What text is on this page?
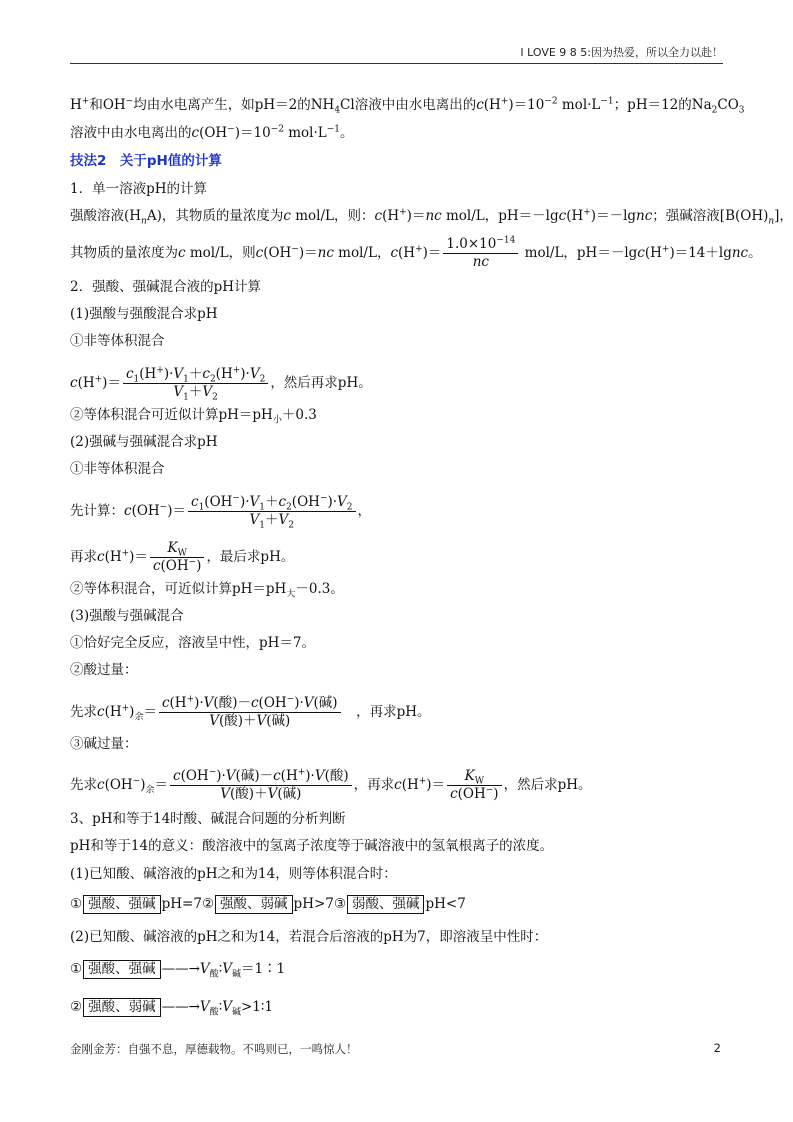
I LOVE 9 8 5:因为热爱，所以全力以赴！
H+和OH−均由水电离产生，如pH＝2的$NH_4Cl$溶液中由水电离出的$c(H^+)=10^{-2}$ $mol\cdot L^{-1}$；pH＝12的$Na_2CO_3$
溶液中由水电离出的$c(OH^-)=10^{-2}$ $mol\cdot L^{-1}$。
技法2　关于pH值的计算
1．单一溶液pH的计算
强酸溶液$(H_nA)$，其物质的量浓度为c mol/L，则：c(H+)＝nc mol/L，pH＝－lgc(H+)＝－lgnc；强碱溶液$[B(OH)_n]$，
其物质的量浓度为c mol/L，则c(OH−)＝nc mol/L，$c(H^+)= \frac{1.0\times 10^{-14}}{nc} mol/L$，pH＝－lgc(H+)＝14＋lgnc。
2．强酸、强碱混合液的pH计算
(1)强酸与强酸混合求pH
①非等体积混合
$c(H^+)= \frac{c_1(H^+)\cdot V_1+c_2(H^+)\cdot V_2}{V_1+V_2}$ ，然后再求pH。
②等体积混合可近似计算$pH=pH_小+0.3$
(2)强碱与强碱混合求pH
①非等体积混合
先计算：$c(OH^-)= \frac{c_1(OH^-)\cdot V_1+c_2(OH^-)\cdot V_2}{V_1+V_2}$ ，
再求$c(H^+)= \frac{K_W}{c(OH^-)}$ ，最后求pH。
②等体积混合，可近似计算$pH=pH_大-0.3$。
(3)强酸与强碱混合
①恰好完全反应，溶液呈中性，pH＝7。
②酸过量：
先求$c(H^+)_余= \frac{c(H^+)\cdot V(酸)-c(OH^-)\cdot V(碱)}{\text{V(酸)＋V(碱)}}$
　 ，再求pH。
③碱过量：
先求$c(OH^-)_余= \frac{c(OH^-)\cdot V(碱)-c(H^+)\cdot V(酸)}{\text{V(酸)＋V(碱)}}$ ，再求$c(H^+)= \frac{K_W}{c(OH^-)}$ ，然后求pH。
3、pH和等于14时酸、碱混合问题的分析判断
pH和等于14的意义：酸溶液中的氢离子浓度等于碱溶液中的氢氧根离子的浓度。
(1)已知酸、碱溶液的pH之和为14，则等体积混合时：
① 强酸、强碱 pH=7② 强酸、弱碱 pH>7③ 弱酸、强碱 pH<7
(2)已知酸、碱溶液的pH之和为14，若混合后溶液的pH为7，即溶液呈中性时：
① 强酸、强碱 $——\to V_酸∶V_碱=1∶1$
② 强酸、弱碱 $——\to V_酸∶V_碱>1∶1$
金刚金芳：自强不息，厚德载物。不鸣则已，一鸣惊人！	2
